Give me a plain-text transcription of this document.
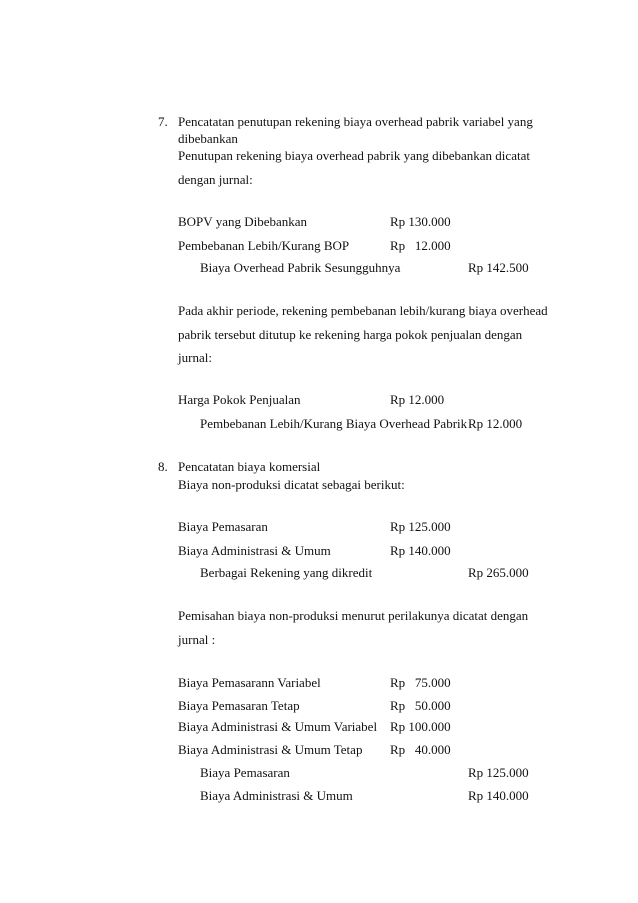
7. Pencatatan penutupan rekening biaya overhead pabrik variabel yang
dibebankan
Penutupan rekening biaya overhead pabrik yang dibebankan dicatat
dengan jurnal:
BOPV yang Dibebankan	Rp 130.000
Pembebanan Lebih/Kurang BOP	Rp   12.000
Biaya Overhead Pabrik Sesungguhnya	Rp 142.500
Pada akhir periode, rekening pembebanan lebih/kurang biaya overhead
pabrik tersebut ditutup ke rekening harga pokok penjualan dengan
jurnal:
Harga Pokok Penjualan	Rp 12.000
Pembebanan Lebih/Kurang Biaya Overhead Pabrik Rp 12.000
8. Pencatatan biaya komersial
Biaya non-produksi dicatat sebagai berikut:
Biaya Pemasaran	Rp 125.000
Biaya Administrasi & Umum	Rp 140.000
Berbagai Rekening yang dikredit	Rp 265.000
Pemisahan biaya non-produksi menurut perilakunya dicatat dengan
jurnal :
Biaya Pemasarann Variabel	Rp   75.000
Biaya Pemasaran Tetap	Rp   50.000
Biaya Administrasi & Umum Variabel Rp 100.000
Biaya Administrasi & Umum Tetap Rp   40.000
Biaya Pemasaran	Rp 125.000
Biaya Administrasi & Umum	Rp 140.000
